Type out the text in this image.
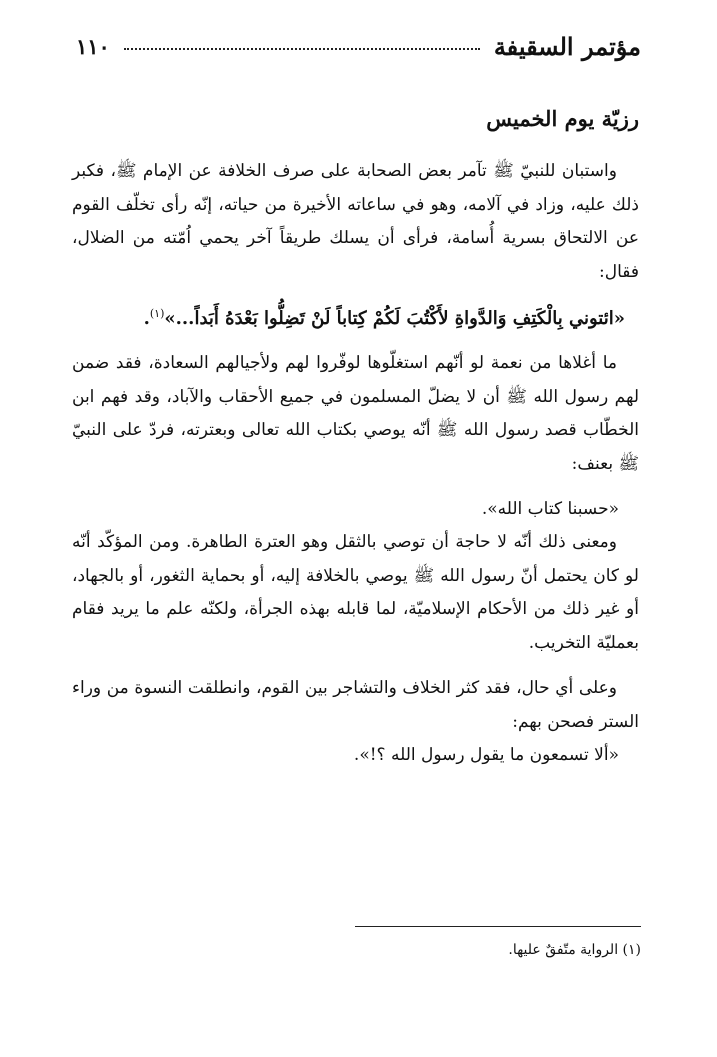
مؤتمر السقيفة
١١٠
رزيّة يوم الخميس

واستبان للنبيّ ﷺ تآمر بعض الصحابة على صرف الخلافة عن الإمام ﷺ، فكبر ذلك عليه، وزاد في آلامه، وهو في ساعاته الأخيرة من حياته، إنّه رأى تخلّف القوم عن الالتحاق بسرية أُسامة، فرأى أن يسلك طريقاً آخر يحمي اُمّته من الضلال، فقال:

«ائتوني بِالْكَتِفِ وَالدَّواةِ لأَكْتُبَ لَكُمْ كِتاباً لَنْ تَضِلُّوا بَعْدَهُ أَبَداً...»$^{(١)}$.

ما أغلاها من نعمة لو أنّهم استغلّوها لوفّروا لهم ولأجيالهم السعادة، فقد ضمن لهم رسول الله ﷺ أن لا يضلّ المسلمون في جميع الأحقاب والآباد، وقد فهم ابن الخطّاب قصد رسول الله ﷺ أنّه يوصي بكتاب الله تعالى وبعترته، فردّ على النبيّ ﷺ بعنف:

«حسبنا كتاب الله».

ومعنى ذلك أنّه لا حاجة أن توصي بالثقل وهو العترة الطاهرة. ومن المؤكّد أنّه لو كان يحتمل أنّ رسول الله ﷺ يوصي بالخلافة إليه، أو بحماية الثغور، أو بالجهاد، أو غير ذلك من الأحكام الإسلاميّة، لما قابله بهذه الجرأة، ولكنّه علم ما يريد فقام بعمليّة التخريب.

وعلى أي حال، فقد كثر الخلاف والتشاجر بين القوم، وانطلقت النسوة من وراء الستر فصحن بهم:

«ألا تسمعون ما يقول رسول الله ؟!».

(١) الرواية متّفقٌ عليها.
